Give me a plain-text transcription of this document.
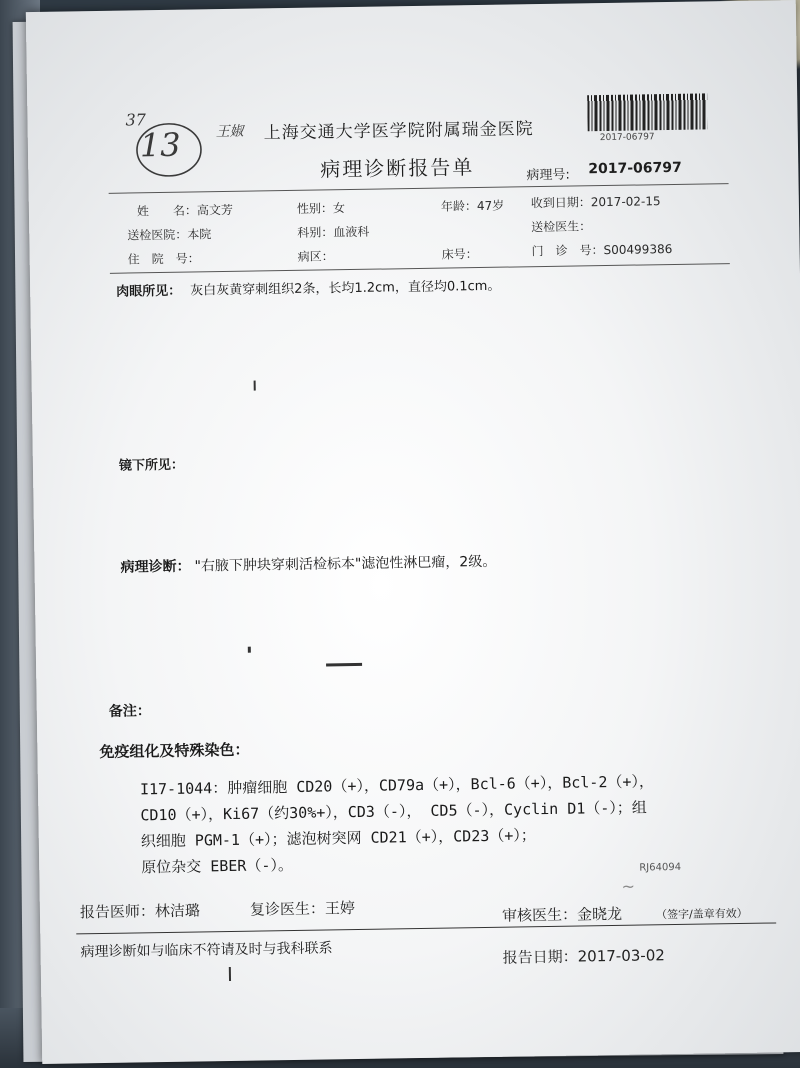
37
13 王婌 上海交通大学医学院附属瑞金医院
病理诊断报告单
2017-06797
病理号: 2017-06797
姓　　名：高文芳	性别：女	年龄：47岁 收到日期：2017-02-15
送检医院：本院	科别：血液科	送检医生：
住　院　号：	病区：	床号：	门　诊　号：S00499386
肉眼所见： 灰白灰黄穿刺组织2条，长均1.2cm，直径均0.1cm。
镜下所见：
病理诊断： "右腋下肿块穿刺活检标本"滤泡性淋巴瘤，2级。
备注：
免疫组化及特殊染色：
I17-1044：肿瘤细胞 CD20（+），CD79a（+），Bcl-6（+），Bcl-2（+），
CD10（+），Ki67（约30%+），CD3（-）， CD5（-），Cyclin D1（-）；组
织细胞 PGM-1（+）；滤泡树突网 CD21（+），CD23（+）；
原位杂交 EBER（-）。	RJ64094
~
报告医师：林洁璐	复诊医生：王婷	审核医生：金晓龙	（签字/盖章有效）
病理诊断如与临床不符请及时与我科联系	报告日期：2017-03-02
